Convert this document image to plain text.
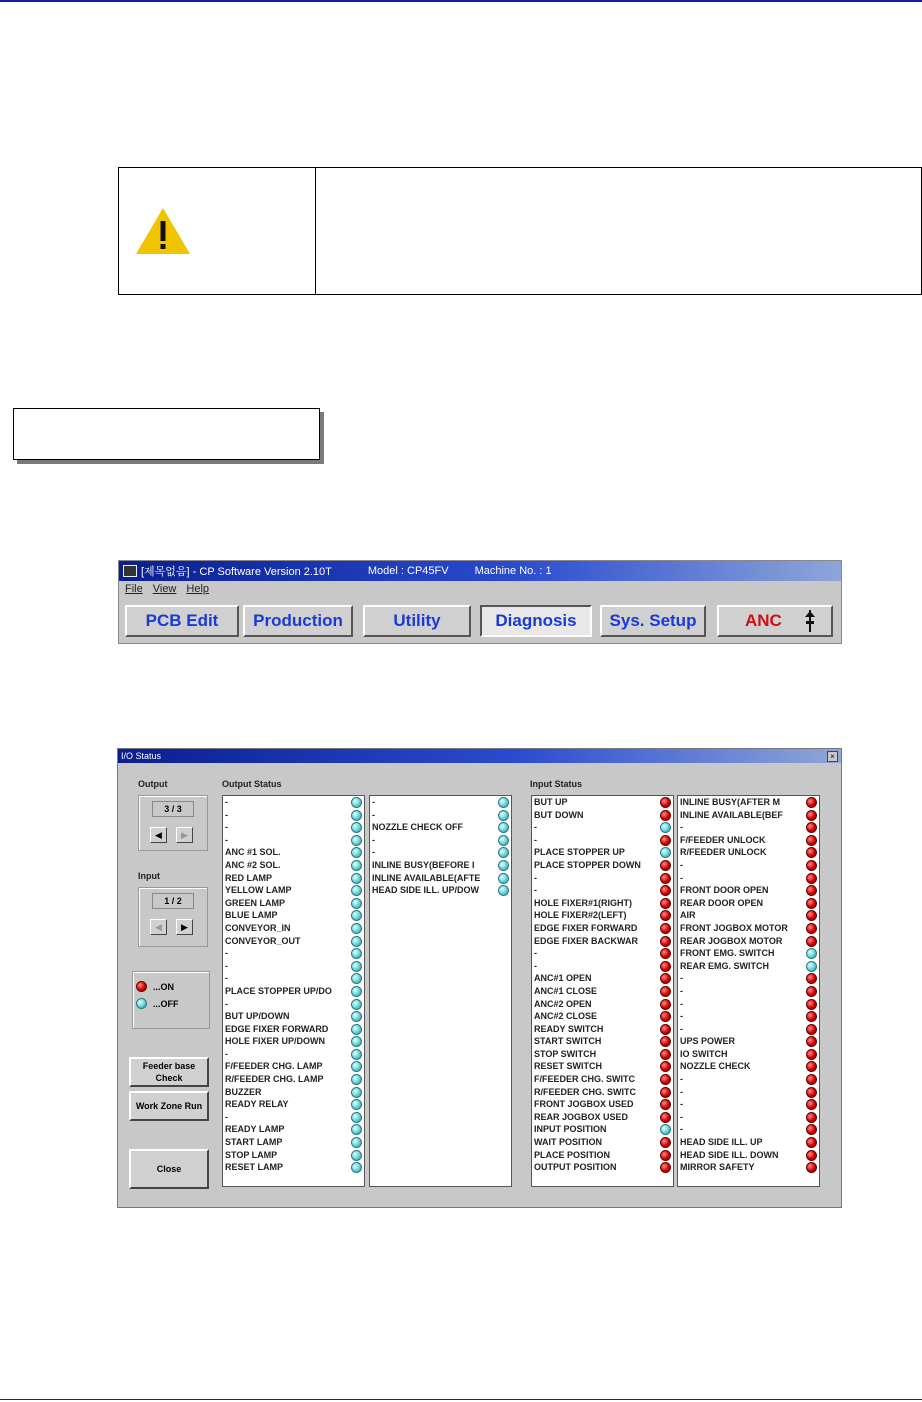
[제목없음] - CP Software Version 2.10T	Model : CP45FV Machine No. : 1
File View Help
PCB Edit	Production	Utility	Diagnosis	Sys. Setup	ANC
I/O Status	×
Output
3 / 3
◀	▶
Input
1 / 2
◀	▶
...ON
...OFF
Feeder base Check
Work Zone Run
Close
Output Status	Input Status
-
-
-
-
ANC #1 SOL.
ANC #2 SOL.
RED LAMP
YELLOW LAMP
GREEN LAMP
BLUE LAMP
CONVEYOR_IN
CONVEYOR_OUT
-
-
-
PLACE STOPPER UP/DO
-
BUT UP/DOWN
EDGE FIXER FORWARD
HOLE FIXER UP/DOWN
-
F/FEEDER CHG. LAMP
R/FEEDER CHG. LAMP
BUZZER
READY RELAY
-
READY LAMP
START LAMP
STOP LAMP
RESET LAMP
-
-
NOZZLE CHECK OFF
-
-
INLINE BUSY(BEFORE I
INLINE AVAILABLE(AFTE
HEAD SIDE ILL. UP/DOW
BUT UP
BUT DOWN
-
-
PLACE STOPPER UP
PLACE STOPPER DOWN
-
-
HOLE FIXER#1(RIGHT)
HOLE FIXER#2(LEFT)
EDGE FIXER FORWARD
EDGE FIXER BACKWAR
-
-
ANC#1 OPEN
ANC#1 CLOSE
ANC#2 OPEN
ANC#2 CLOSE
READY SWITCH
START SWITCH
STOP SWITCH
RESET SWITCH
F/FEEDER CHG. SWITC
R/FEEDER CHG. SWITC
FRONT JOGBOX USED
REAR JOGBOX USED
INPUT POSITION
WAIT POSITION
PLACE POSITION
OUTPUT POSITION
INLINE BUSY(AFTER M
INLINE AVAILABLE(BEF
-
F/FEEDER UNLOCK
R/FEEDER UNLOCK
-
-
FRONT DOOR OPEN
REAR DOOR OPEN
AIR
FRONT JOGBOX MOTOR
REAR JOGBOX MOTOR
FRONT EMG. SWITCH
REAR EMG. SWITCH
-
-
-
-
-
UPS POWER
IO SWITCH
NOZZLE CHECK
-
-
-
-
-
HEAD SIDE ILL. UP
HEAD SIDE ILL. DOWN
MIRROR SAFETY
